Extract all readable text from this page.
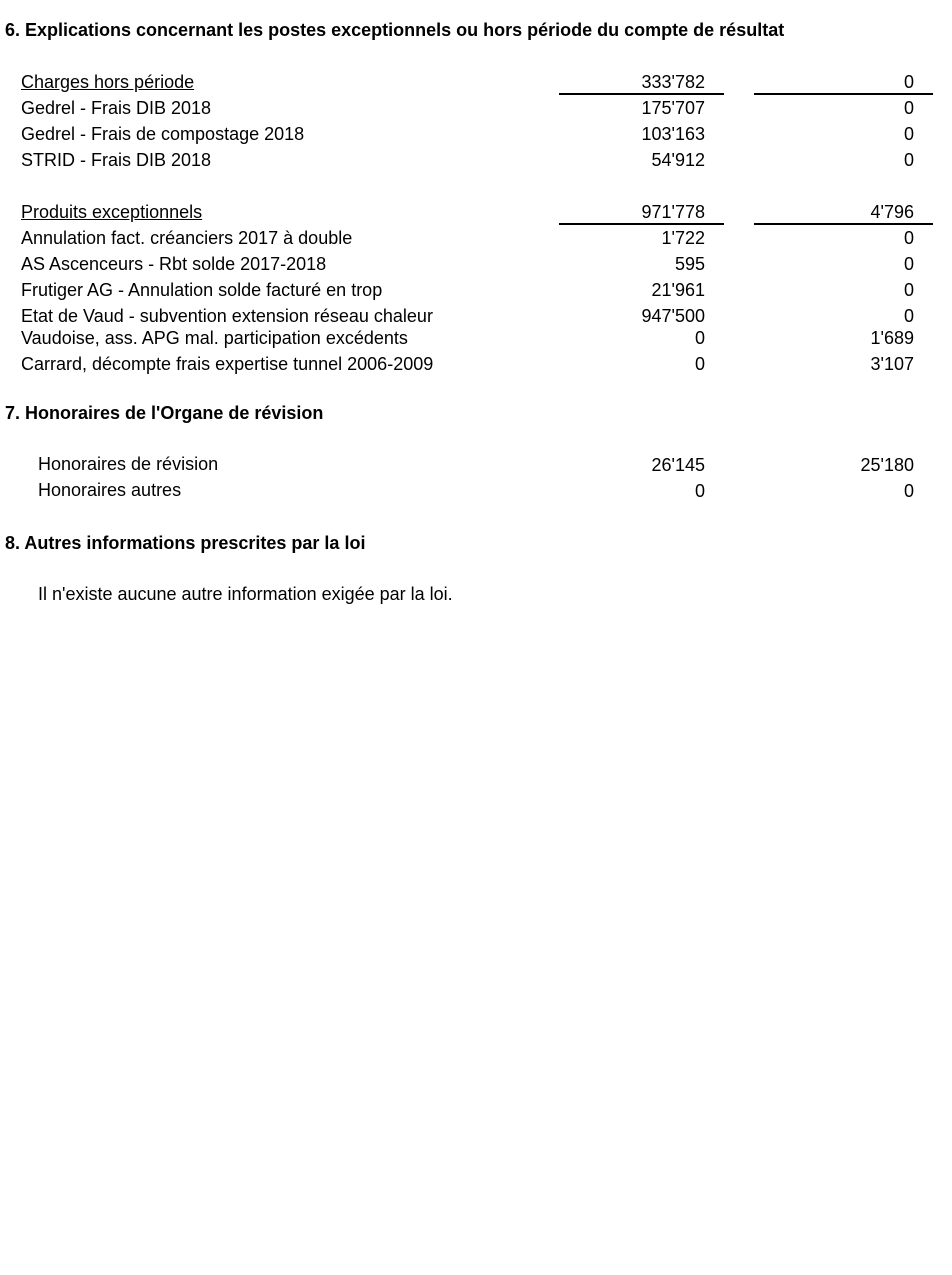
6. Explications concernant les postes exceptionnels ou hors période du compte de résultat
Charges hors période	333'782	0
Gedrel - Frais DIB 2018	175'707	0
Gedrel - Frais de compostage 2018	103'163	0
STRID - Frais DIB 2018	54'912	0
Produits exceptionnels	971'778	4'796
Annulation fact. créanciers 2017 à double	1'722	0
AS Ascenceurs - Rbt solde 2017-2018	595	0
Frutiger AG - Annulation solde facturé en trop	21'961	0
Etat de Vaud - subvention extension réseau chaleur	947'500	0
Vaudoise, ass. APG mal. participation excédents	0	1'689
Carrard, décompte frais expertise tunnel 2006-2009	0	3'107
7. Honoraires de l'Organe de révision
Honoraires de révision	26'145	25'180
Honoraires autres	0	0
8. Autres informations prescrites par la loi
Il n'existe aucune autre information exigée par la loi.
